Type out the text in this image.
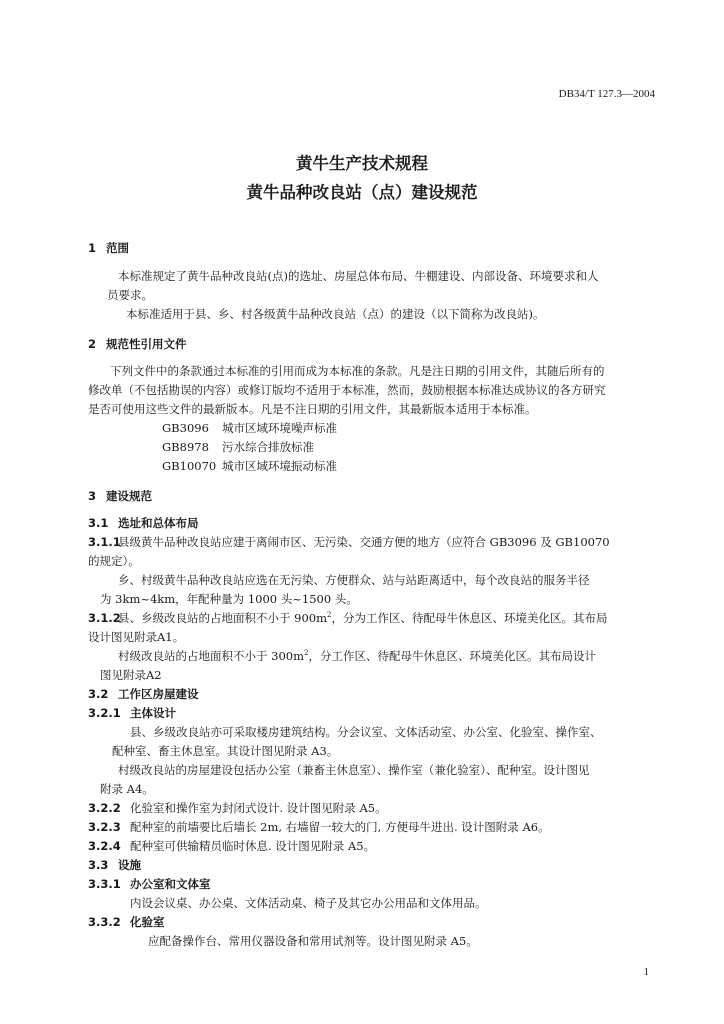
DB34/T 127.3—2004
黄牛生产技术规程
黄牛品种改良站（点）建设规范
1 范围
本标准规定了黄牛品种改良站(点)的选址、房屋总体布局、牛棚建设、内部设备、环境要求和人
员要求。
本标准适用于县、乡、村各级黄牛品种改良站（点）的建设（以下简称为改良站)。
2 规范性引用文件
下列文件中的条款通过本标准的引用而成为本标准的条款。凡是注日期的引用文件，其随后所有的
修改单（不包括勘误的内容）或修订版均不适用于本标准，然而，鼓励根据本标准达成协议的各方研究
是否可使用这些文件的最新版本。凡是不注日期的引用文件，其最新版本适用于本标准。
GB3096 城市区域环境噪声标准
GB8978 污水综合排放标准
GB10070 城市区域环境振动标准
3 建设规范
3.1 选址和总体布局
3.1.1县级黄牛品种改良站应建于离闹市区、无污染、交通方便的地方（应符合 GB3096 及 GB10070
的规定）。
乡、村级黄牛品种改良站应选在无污染、方便群众、站与站距离适中，每个改良站的服务半径
为 3km~4km，年配种量为 1000 头~1500 头。
3.1.2县、乡级改良站的占地面积不小于 $900m^2$，分为工作区、待配母牛休息区、环境美化区。其布局
设计图见附录A1。
村级改良站的占地面积不小于 $300m^2$，分工作区、待配母牛休息区、环境美化区。其布局设计
图见附录A2
3.2 工作区房屋建设
3.2.1 主体设计
县、乡级改良站亦可采取楼房建筑结构。分会议室、文体活动室、办公室、化验室、操作室、
配种室、畜主休息室。其设计图见附录 A3。
村级改良站的房屋建设包括办公室（兼畜主休息室）、操作室（兼化验室）、配种室。设计图见
附录 A4。
3.2.2 化验室和操作室为封闭式设计. 设计图见附录 A5。
3.2.3 配种室的前墙要比后墙长 2m, 右墙留一较大的门, 方便母牛进出. 设计图附录 A6。
3.2.4 配种室可供输精员临时休息. 设计图见附录 A5。
3.3 设施
3.3.1 办公室和文体室
内设会议桌、办公桌、文体活动桌、椅子及其它办公用品和文体用品。
3.3.2 化验室
应配备操作台、常用仪器设备和常用试剂等。设计图见附录 A5。
1
